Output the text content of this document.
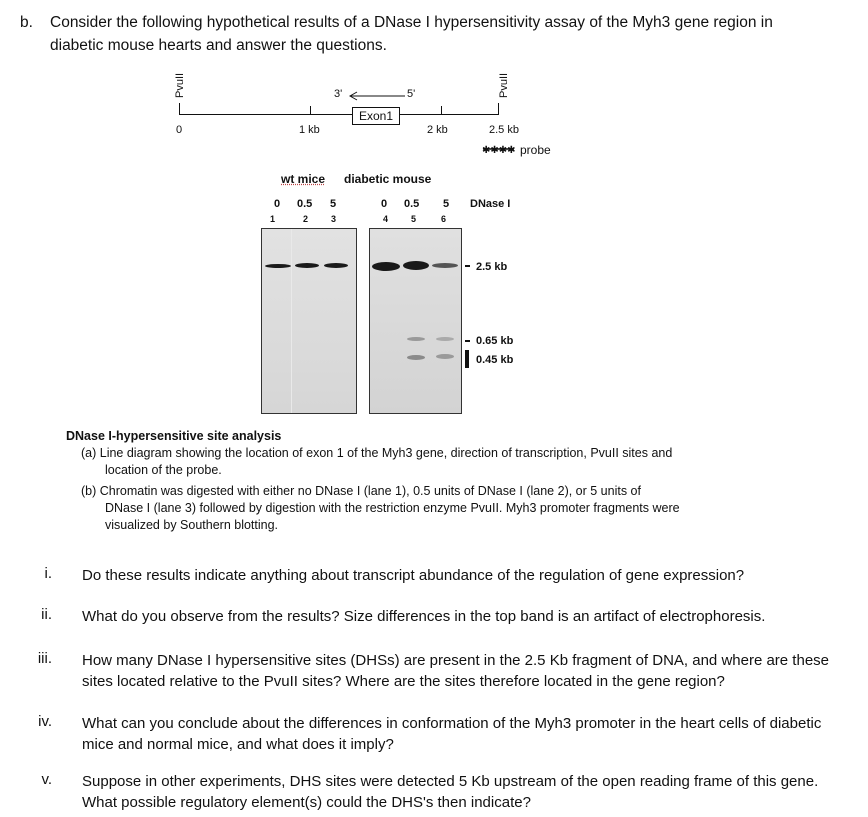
b. Consider the following hypothetical results of a DNase I hypersensitivity assay of the Myh3 gene region in
diabetic mouse hearts and answer the questions.
PvuII	PvuII
3'	5'
Exon1
0	1 kb	2 kb	2.5 kb
✱✱✱✱ probe
wt mice diabetic mouse
0 0.5 5	0 0.5 5 DNase I
1	2	3	4	5	6
2.5 kb
0.65 kb
0.45 kb
DNase I-hypersensitive site analysis
(a) Line diagram showing the location of exon 1 of the Myh3 gene, direction of transcription, PvuII sites and
location of the probe.
(b) Chromatin was digested with either no DNase I (lane 1), 0.5 units of DNase I (lane 2), or 5 units of
DNase I (lane 3) followed by digestion with the restriction enzyme PvuII. Myh3 promoter fragments were
visualized by Southern blotting.
i. Do these results indicate anything about transcript abundance of the regulation of gene expression?
ii. What do you observe from the results? Size differences in the top band is an artifact of electrophoresis.
iii. How many DNase I hypersensitive sites (DHSs) are present in the 2.5 Kb fragment of DNA, and where are these sites located relative to the PvuII sites? Where are the sites therefore located in the gene region?
iv. What can you conclude about the differences in conformation of the Myh3 promoter in the heart cells of diabetic mice and normal mice, and what does it imply?
v. Suppose in other experiments, DHS sites were detected 5 Kb upstream of the open reading frame of this gene. What possible regulatory element(s) could the DHS's then indicate?
